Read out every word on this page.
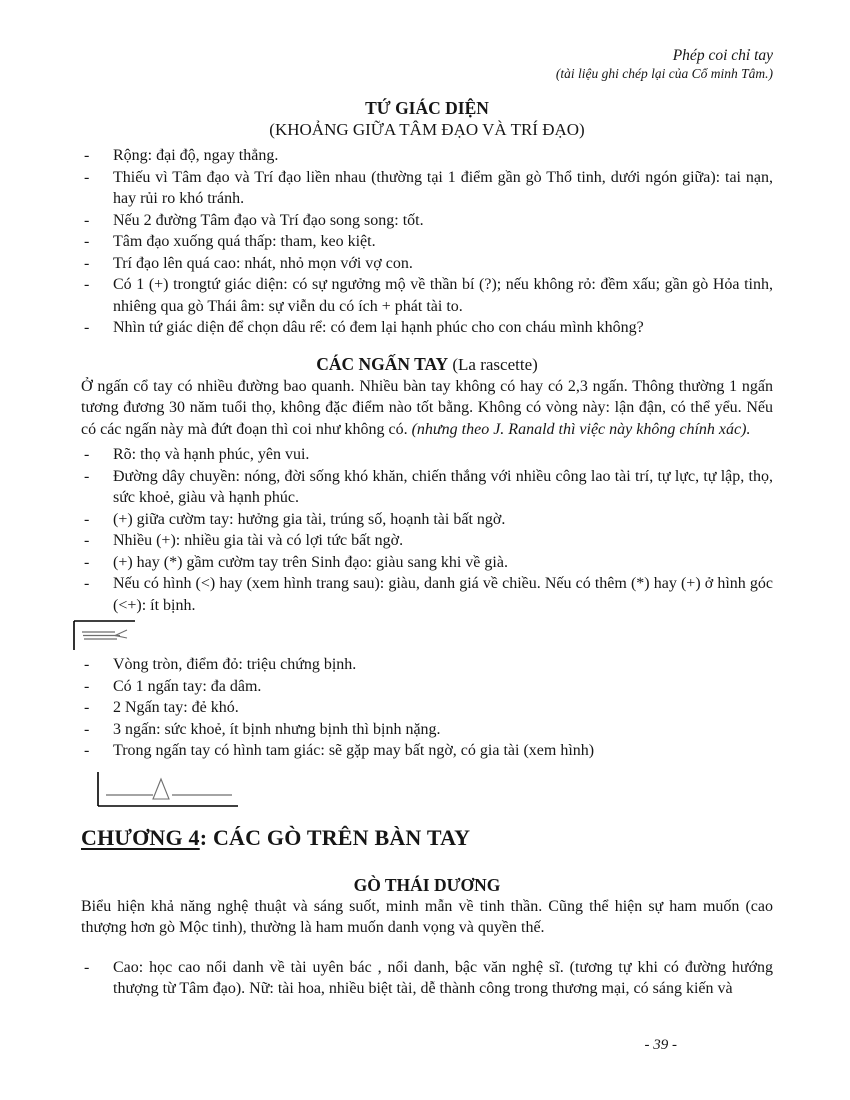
Phép coi chỉ tay
(tài liệu ghi chép lại của Cổ minh Tâm.)
TỨ GIÁC DIỆN
(KHOẢNG GIỮA TÂM ĐẠO VÀ TRÍ ĐẠO)
-	Rộng: đại độ, ngay thẳng.
-	Thiếu vì Tâm đạo và Trí đạo liền nhau (thường tại 1 điểm gần gò Thổ tinh, dưới ngón giữa): tai nạn, hay rủi ro khó tránh.
-	Nếu 2 đường Tâm đạo và Trí đạo song song: tốt.
-	Tâm đạo xuống quá thấp: tham, keo kiệt.
-	Trí đạo lên quá cao: nhát, nhỏ mọn với vợ con.
-	Có 1 (+) trongtứ giác diện: có sự ngưởng mộ về thần bí (?); nếu không rỏ: đềm xấu; gần gò Hỏa tinh, nhiêng qua gò Thái âm: sự viễn du có ích + phát tài to.
-	Nhìn tứ giác diện để chọn dâu rể: có đem lại hạnh phúc cho con cháu mình không?
CÁC NGẤN TAY (La rascette)

Ở ngấn cổ tay có nhiều đường bao quanh. Nhiều bàn tay không có hay có 2,3 ngấn. Thông thường 1 ngấn tương đương 30 năm tuổi thọ, không đặc điểm nào tốt bằng. Không có vòng này: lận đận, có thể yểu. Nếu có các ngấn này mà đứt đoạn thì coi như không có. (nhưng theo J. Ranald thì việc này không chính xác).

-	Rõ: thọ và hạnh phúc, yên vui.
-	Đường dây chuyền: nóng, đời sống khó khăn, chiến thắng với nhiều công lao tài trí, tự lực, tự lập, thọ, sức khoẻ, giàu và hạnh phúc.
-	(+) giữa cườm tay: hưởng gia tài, trúng số, hoạnh tài bất ngờ.
-	Nhiều (+): nhiều gia tài và có lợi tức bất ngờ.
-	(+) hay (*) gầm cườm tay trên Sinh đạo: giàu sang khi về già.
-	Nếu có hình (<) hay (xem hình trang sau): giàu, danh giá về chiều. Nếu có thêm (*) hay (+) ở hình góc (<+): ít bịnh.
-	Vòng tròn, điểm đỏ: triệu chứng bịnh.
-	Có 1 ngấn tay: đa dâm.
-	2 Ngấn tay: đẻ khó.
-	3 ngấn: sức khoẻ, ít bịnh nhưng bịnh thì bịnh nặng.
-	Trong ngấn tay có hình tam giác: sẽ gặp may bất ngờ, có gia tài (xem hình)
CHƯƠNG 4: CÁC GÒ TRÊN BÀN TAY
GÒ THÁI DƯƠNG

Biểu hiện khả năng nghệ thuật và sáng suốt, minh mẫn về tinh thần. Cũng thể hiện sự ham muốn (cao thượng hơn gò Mộc tinh), thường là ham muốn danh vọng và quyền thế.

-	Cao: học cao nổi danh về tài uyên bác , nổi danh, bậc văn nghệ sĩ. (tương tự khi có đường hướng thượng từ Tâm đạo). Nữ: tài hoa, nhiều biệt tài, dễ thành công trong thương mại, có sáng kiến và
- 39 -
